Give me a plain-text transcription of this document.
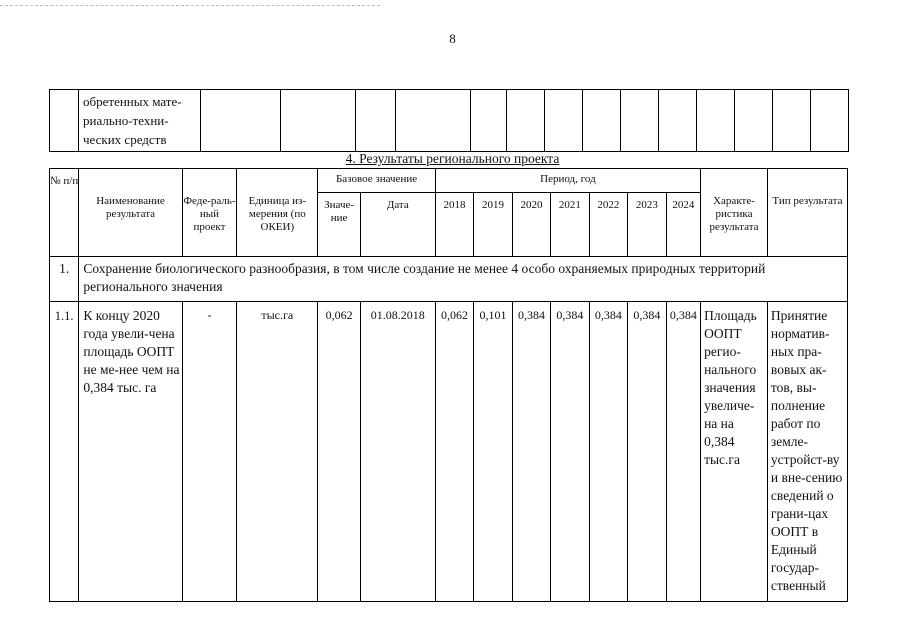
8

обретенных мате-риально-техни-ческих средств

4. Результаты регионального проекта
№ п/п	Наименование результата	Феде-раль-ный проект	Единица из-мерения (по ОКЕИ)	Базовое значение		Период, год							Характе-ристика результата	Тип результата
				Значе-ние	Дата	2018	2019	2020	2021	2022	2023	2024		
1.	Сохранение биологического разнообразия, в том числе создание не менее 4 особо охраняемых природных территорий регионального значения													
1.1.	К концу 2020 года увели-чена площадь ООПТ не ме-нее чем на 0,384 тыс. га	-	тыс.га	0,062	01.08.2018	0,062	0,101	0,384	0,384	0,384	0,384	0,384	Площадь ООПТ регио-нального значения увеличе-на на 0,384 тыс.га	Принятие норматив-ных пра-вовых ак-тов, вы-полнение работ по земле-устройст-ву и вне-сению сведений о грани-цах ООПТ в Единый государ-ственный
